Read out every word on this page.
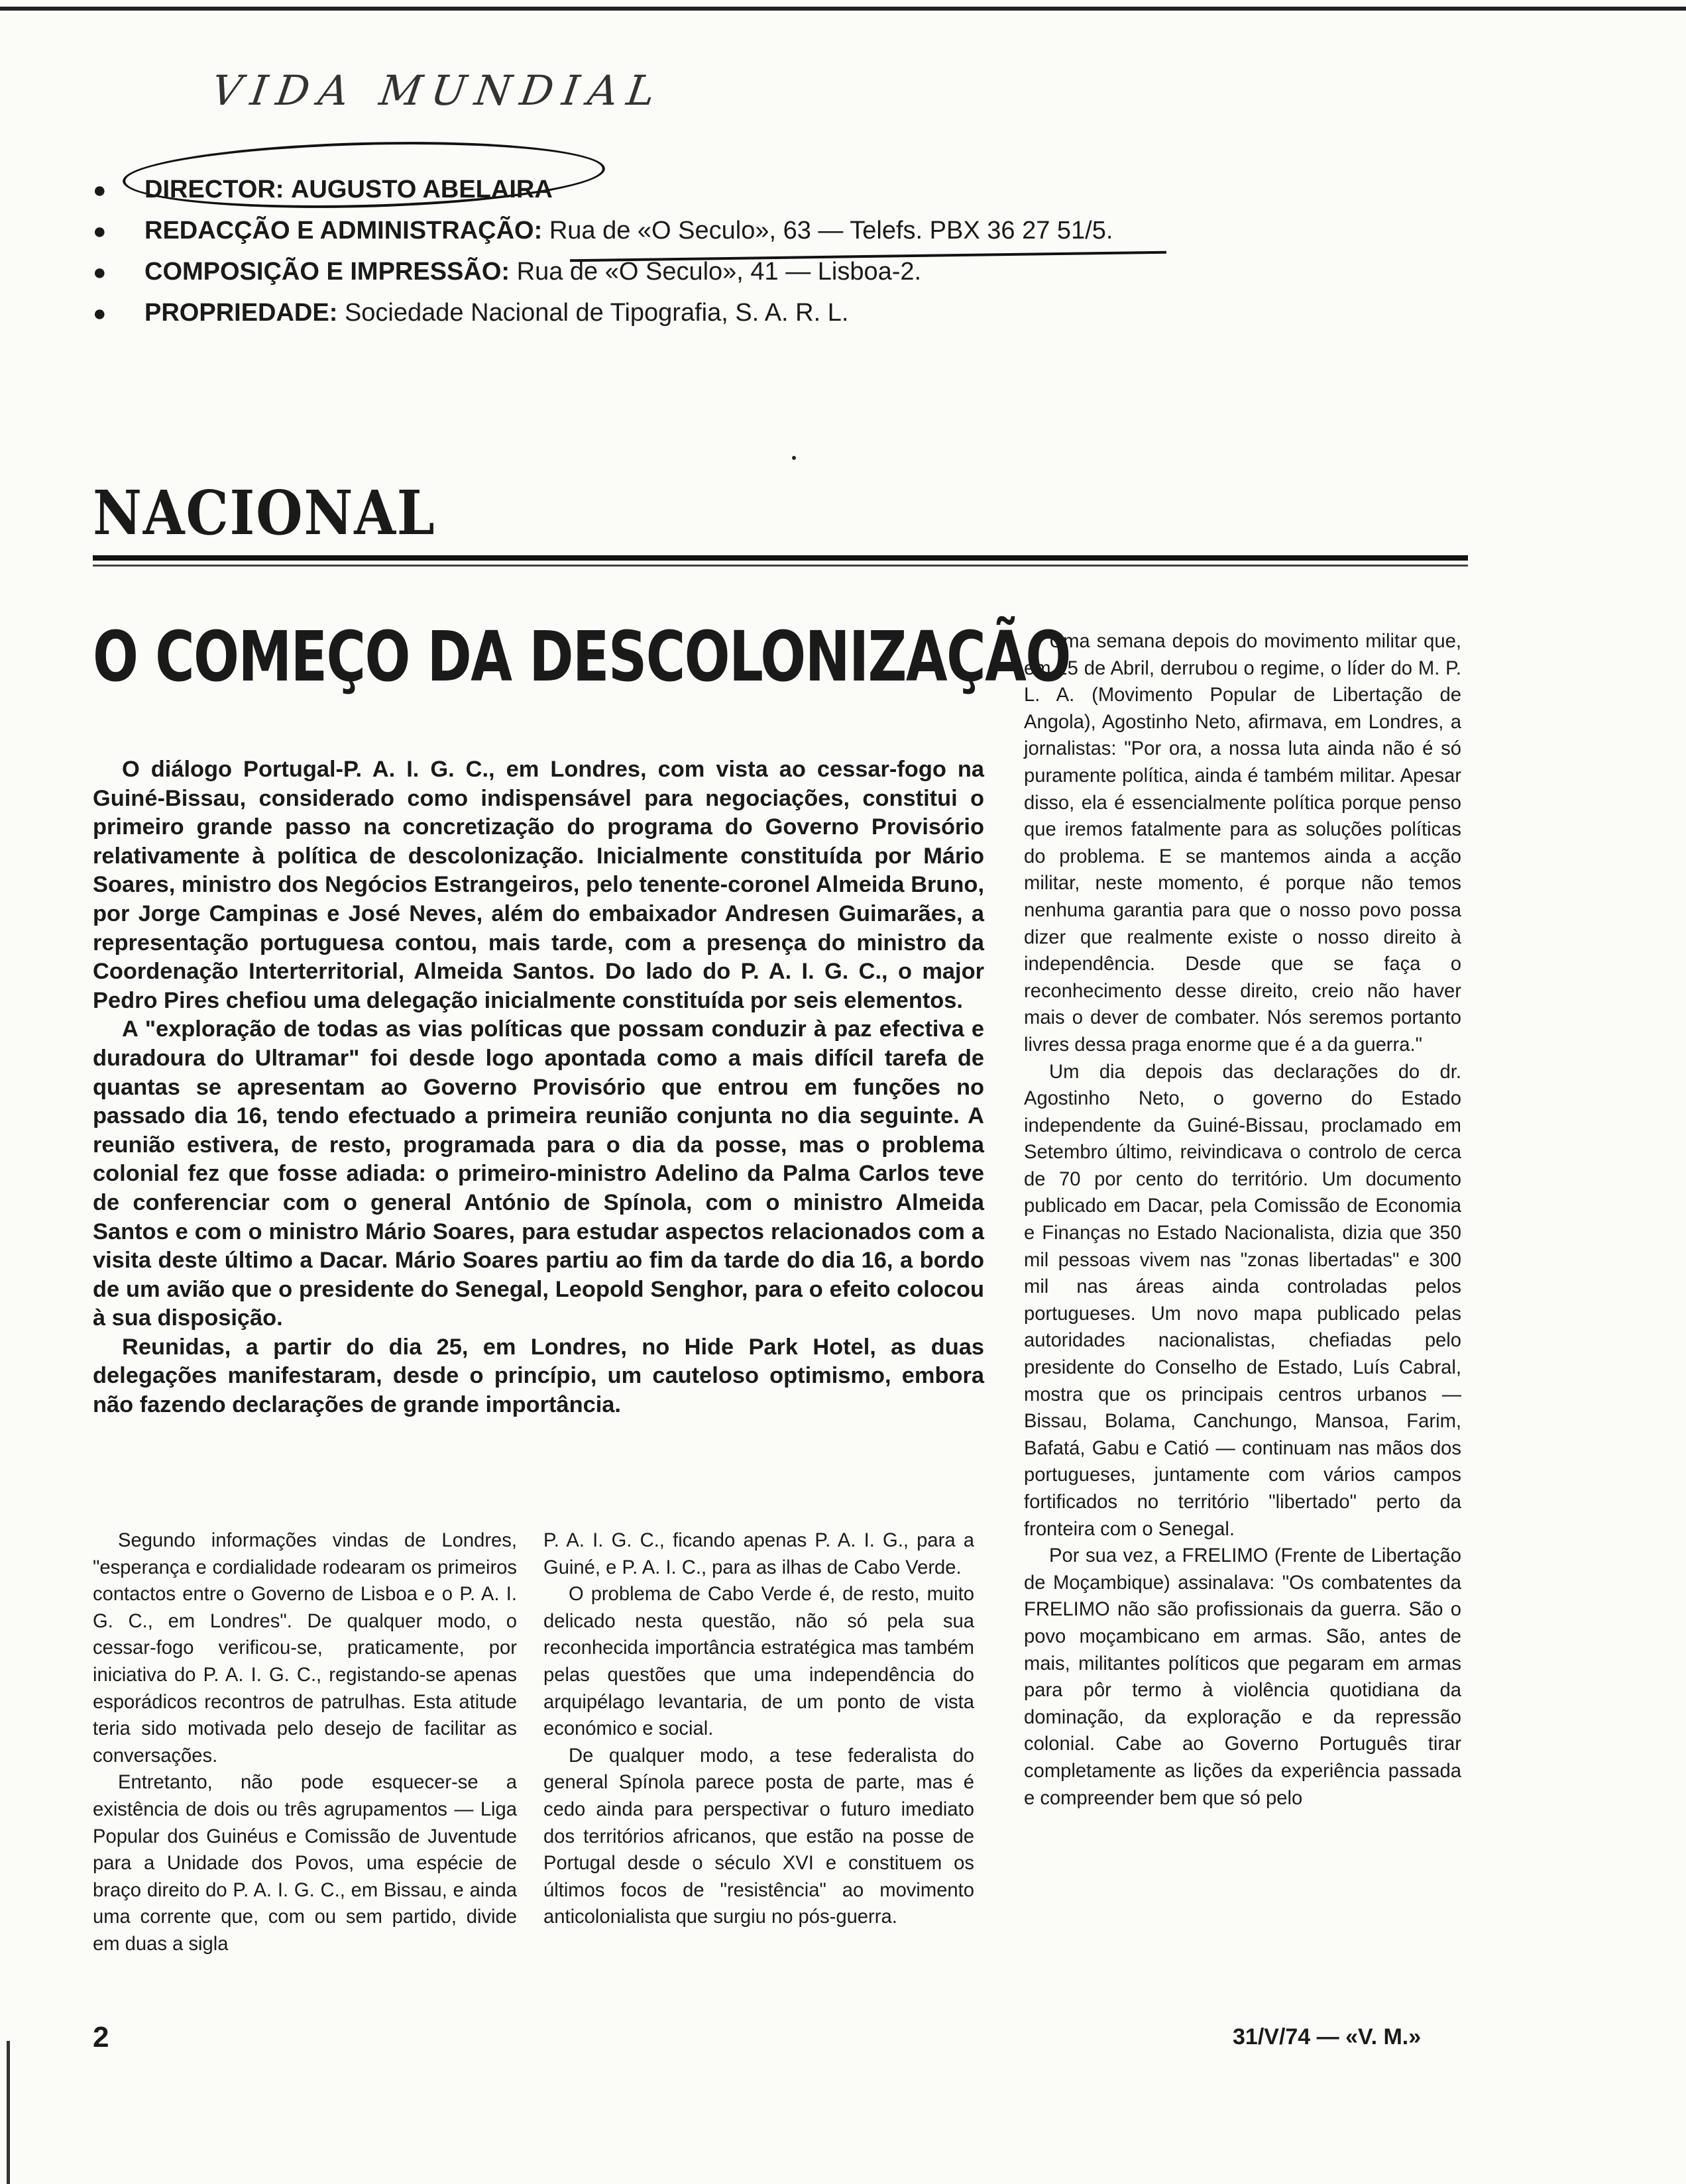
VIDA MUNDIAL
● DIRECTOR: AUGUSTO ABELAIRA
● REDACÇÃO E ADMINISTRAÇÃO: Rua de «O Seculo», 63 — Telefs. PBX 36 27 51/5.
● COMPOSIÇÃO E IMPRESSÃO: Rua de «O Seculo», 41 — Lisboa-2.
● PROPRIEDADE: Sociedade Nacional de Tipografia, S. A. R. L.
NACIONAL
O COMEÇO DA DESCOLONIZAÇÃO

O diálogo Portugal-P. A. I. G. C., em Londres, com vista ao cessar-fogo na Guiné-Bissau, considerado como indispensável para negociações, constitui o primeiro grande passo na concretização do programa do Governo Provisório relativamente à política de descolonização. Inicialmente constituída por Mário Soares, ministro dos Negócios Estrangeiros, pelo tenente-coronel Almeida Bruno, por Jorge Campinas e José Neves, além do embaixador Andresen Guimarães, a representação portuguesa contou, mais tarde, com a presença do ministro da Coordenação Interterritorial, Almeida Santos. Do lado do P. A. I. G. C., o major Pedro Pires chefiou uma delegação inicialmente constituída por seis elementos.

A "exploração de todas as vias políticas que possam conduzir à paz efectiva e duradoura do Ultramar" foi desde logo apontada como a mais difícil tarefa de quantas se apresentam ao Governo Provisório que entrou em funções no passado dia 16, tendo efectuado a primeira reunião conjunta no dia seguinte. A reunião estivera, de resto, programada para o dia da posse, mas o problema colonial fez que fosse adiada: o primeiro-ministro Adelino da Palma Carlos teve de conferenciar com o general António de Spínola, com o ministro Almeida Santos e com o ministro Mário Soares, para estudar aspectos relacionados com a visita deste último a Dacar. Mário Soares partiu ao fim da tarde do dia 16, a bordo de um avião que o presidente do Senegal, Leopold Senghor, para o efeito colocou à sua disposição.

Reunidas, a partir do dia 25, em Londres, no Hide Park Hotel, as duas delegações manifestaram, desde o princípio, um cauteloso optimismo, embora não fazendo declarações de grande importância.

Segundo informações vindas de Londres, "esperança e cordialidade rodearam os primeiros contactos entre o Governo de Lisboa e o P. A. I. G. C., em Londres". De qualquer modo, o cessar-fogo verificou-se, praticamente, por iniciativa do P. A. I. G. C., registando-se apenas esporádicos recontros de patrulhas. Esta atitude teria sido motivada pelo desejo de facilitar as conversações.

Entretanto, não pode esquecer-se a existência de dois ou três agrupamentos — Liga Popular dos Guinéus e Comissão de Juventude para a Unidade dos Povos, uma espécie de braço direito do P. A. I. G. C., em Bissau, e ainda uma corrente que, com ou sem partido, divide em duas a sigla

P. A. I. G. C., ficando apenas P. A. I. G., para a Guiné, e P. A. I. C., para as ilhas de Cabo Verde.

O problema de Cabo Verde é, de resto, muito delicado nesta questão, não só pela sua reconhecida importância estratégica mas também pelas questões que uma independência do arquipélago levantaria, de um ponto de vista económico e social.

De qualquer modo, a tese federalista do general Spínola parece posta de parte, mas é cedo ainda para perspectivar o futuro imediato dos territórios africanos, que estão na posse de Portugal desde o século XVI e constituem os últimos focos de "resistência" ao movimento anticolonialista que surgiu no pós-guerra.

Uma semana depois do movimento militar que, em 25 de Abril, derrubou o regime, o líder do M. P. L. A. (Movimento Popular de Libertação de Angola), Agostinho Neto, afirmava, em Londres, a jornalistas: "Por ora, a nossa luta ainda não é só puramente política, ainda é também militar. Apesar disso, ela é essencialmente política porque penso que iremos fatalmente para as soluções políticas do problema. E se mantemos ainda a acção militar, neste momento, é porque não temos nenhuma garantia para que o nosso povo possa dizer que realmente existe o nosso direito à independência. Desde que se faça o reconhecimento desse direito, creio não haver mais o dever de combater. Nós seremos portanto livres dessa praga enorme que é a da guerra."

Um dia depois das declarações do dr. Agostinho Neto, o governo do Estado independente da Guiné-Bissau, proclamado em Setembro último, reivindicava o controlo de cerca de 70 por cento do território. Um documento publicado em Dacar, pela Comissão de Economia e Finanças no Estado Nacionalista, dizia que 350 mil pessoas vivem nas "zonas libertadas" e 300 mil nas áreas ainda controladas pelos portugueses. Um novo mapa publicado pelas autoridades nacionalistas, chefiadas pelo presidente do Conselho de Estado, Luís Cabral, mostra que os principais centros urbanos — Bissau, Bolama, Canchungo, Mansoa, Farim, Bafatá, Gabu e Catió — continuam nas mãos dos portugueses, juntamente com vários campos fortificados no território "libertado" perto da fronteira com o Senegal.

Por sua vez, a FRELIMO (Frente de Libertação de Moçambique) assinalava: "Os combatentes da FRELIMO não são profissionais da guerra. São o povo moçambicano em armas. São, antes de mais, militantes políticos que pegaram em armas para pôr termo à violência quotidiana da dominação, da exploração e da repressão colonial. Cabe ao Governo Português tirar completamente as lições da experiência passada e compreender bem que só pelo

2	31/V/74 — «V. M.»
